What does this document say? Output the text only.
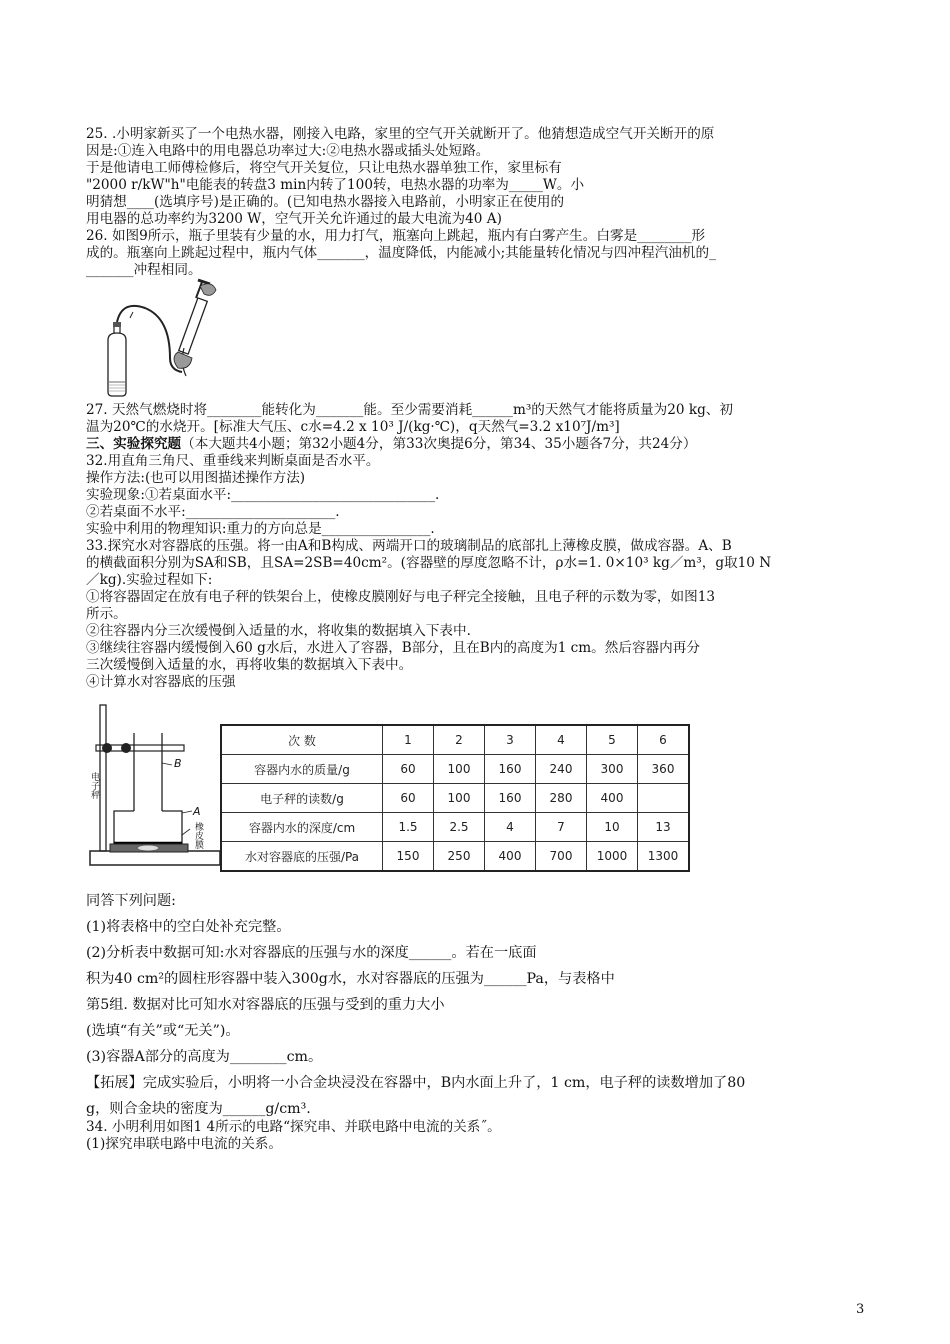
25. .小明家新买了一个电热水器，刚接入电路，家里的空气开关就断开了。他猜想造成空气开关断开的原
因是:①连入电路中的用电器总功率过大:②电热水器或插头处短路。
于是他请电工师傅检修后，将空气开关复位，只让电热水器单独工作，家里标有
"2000 r/kW"h"电能表的转盘3 min内转了100转，电热水器的功率为_____W。小
明猜想____(选填序号)是正确的。(已知电热水器接入电路前，小明家正在使用的
用电器的总功率约为3200 W，空气开关允许通过的最大电流为40 A)
26. 如图9所示，瓶子里装有少量的水，用力打气，瓶塞向上跳起，瓶内有白雾产生。白雾是________形
成的。瓶塞向上跳起过程中，瓶内气体_______，温度降低，内能减小;其能量转化情况与四冲程汽油机的_
_______冲程相同。
27. 天然气燃烧时将________能转化为_______能。至少需要消耗______m³的天然气才能将质量为20 kg、初
温为20℃的水烧开。[标准大气压、c水=4.2 x 10³ J/(kg·℃)，q天然气=3.2 x10⁷J/m³]
三、实验探究题（本大题共4小题；第32小题4分，第33次奥提6分，第34、35小题各7分，共24分）
32.用直角三角尺、重垂线来判断桌面是否水平。
操作方法:(也可以用图描述操作方法)
实验现象:①若桌面水平:______________________________.
②若桌面不水平:______________________.
实验中利用的物理知识:重力的方向总是________________.
33.探究水对容器底的压强。将一由A和B构成、两端开口的玻璃制品的底部扎上薄橡皮膜，做成容器。A、B
的横截面积分别为SA和SB，且SA=2SB=40cm²。(容器壁的厚度忽略不计，ρ水=1. 0×10³ kg／m³，g取10 N
／kg).实验过程如下:
①将容器固定在放有电子秤的铁架台上，使橡皮膜刚好与电子秤完全接触，且电子秤的示数为零，如图13
所示。
②往容器内分三次缓慢倒入适量的水，将收集的数据填入下表中.
③继续往容器内缓慢倒入60 g水后，水进入了容器，B部分，且在B内的高度为1 cm。然后容器内再分
三次缓慢倒入适量的水，再将收集的数据填入下表中。
④计算水对容器底的压强
B
A
电子秤
橡皮膜
次 数	1	2	3	4	5	6
容器内水的质量/g	60	100	160	240	300	360
电子秤的读数/g	60	100	160	280	400	
容器内水的深度/cm	1.5	2.5	4	7	10	13
水对容器底的压强/Pa	150	250	400	700	1000	1300
同答下列问题:
(1)将表格中的空白处补充完整。
(2)分析表中数据可知:水对容器底的压强与水的深度______。若在一底面
积为40 cm²的圆柱形容器中装入300g水，水对容器底的压强为______Pa，与表格中
第5组. 数据对比可知水对容器底的压强与受到的重力大小
(选填“有关”或“无关”)。
(3)容器A部分的高度为________cm。
【拓展】完成实验后，小明将一小合金块浸没在容器中，B内水面上升了，1 cm，电子秤的读数增加了80
g，则合金块的密度为______g/cm³.
34. 小明利用如图1 4所示的电路“探究串、并联电路中电流的关系˝。
(1)探究串联电路中电流的关系。
3
